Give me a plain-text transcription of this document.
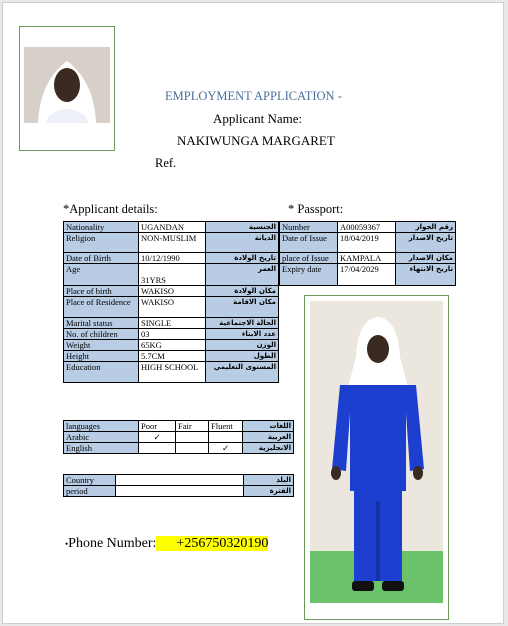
EMPLOYMENT APPLICATION -
Applicant Name:
NAKIWUNGA MARGARET
Ref.
*Applicant details:	* Passport:
Nationality	UGANDAN	الجنسية
Religion	NON-MUSLIM	الديانة
Date of Birth	10/12/1990	تاريخ الولادة
Age	31YRS	العمر
Place of birth	WAKISO	مكان الولادة
Place of Residence	WAKISO	مكان الاقامة
Marital status	SINGLE	الحالة الاجتماعية
No. of children	03	عدد الابناء
Weight	65KG	الوزن
Height	5.7CM	الطول
Education	HIGH SCHOOL	المستوى التعليمي
Number	A00059367	رقم الجواز
Date of Issue	18/04/2019	تاريخ الاصدار
place of Issue	KAMPALA	مكان الاصدار
Expiry date	17/04/2029	تاريخ الانتهاء
languages	Poor	Fair	Fluent	اللغات
Arabic	✓			العربية
English			✓	الانجليزية
Country		البلد
period		الفترة
•Phone Number: +256750320190
